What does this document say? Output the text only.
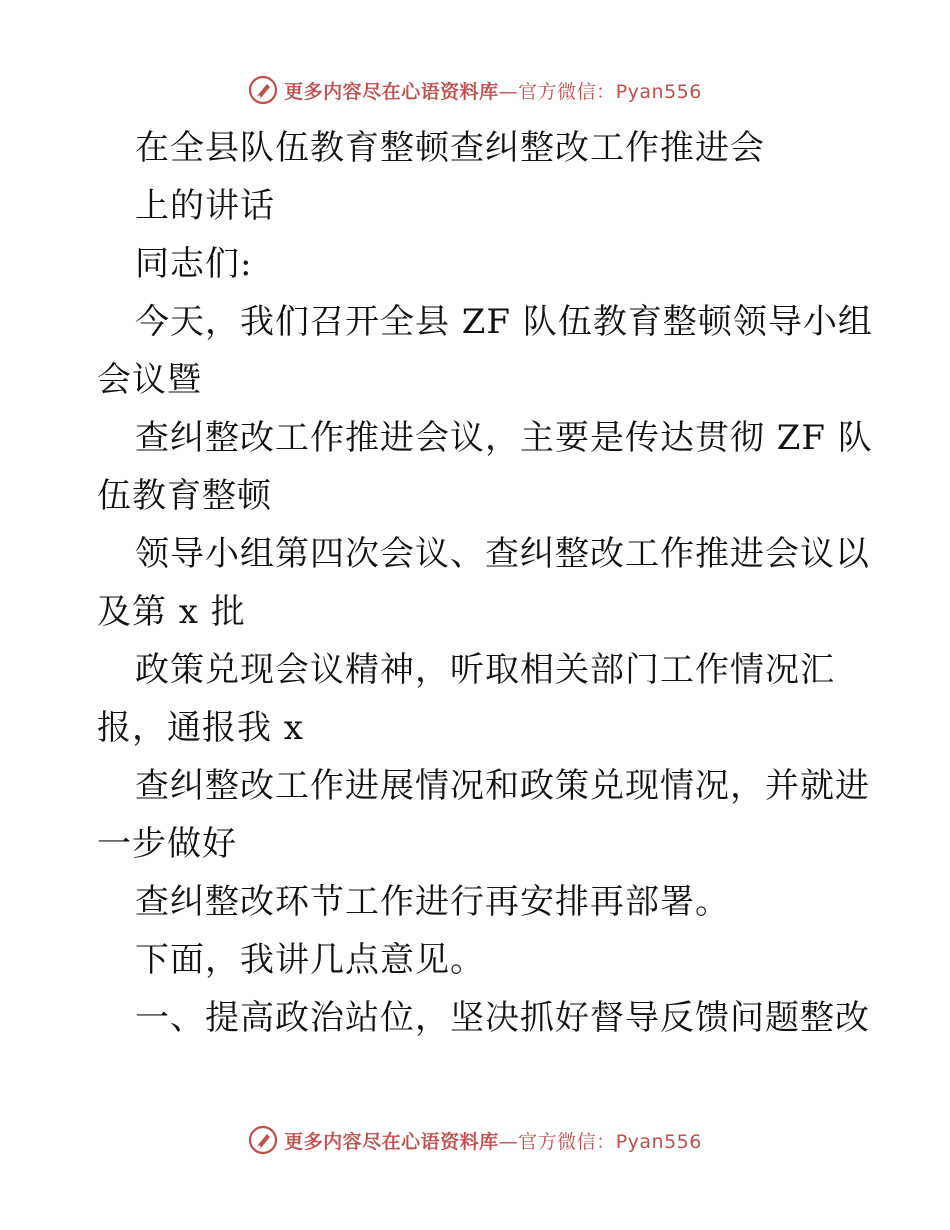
更多内容尽在心语资料库—官方微信：Pyan556
在全县队伍教育整顿查纠整改工作推进会
上的讲话
同志们:
今天，我们召开全县 ZF 队伍教育整顿领导小组
会议暨
查纠整改工作推进会议，主要是传达贯彻 ZF 队
伍教育整顿
领导小组第四次会议、查纠整改工作推进会议以
及第 x 批
政策兑现会议精神，听取相关部门工作情况汇
报，通报我 x
查纠整改工作进展情况和政策兑现情况，并就进
一步做好
查纠整改环节工作进行再安排再部署。
下面，我讲几点意见。
一、提高政治站位，坚决抓好督导反馈问题整改
更多内容尽在心语资料库—官方微信：Pyan556
